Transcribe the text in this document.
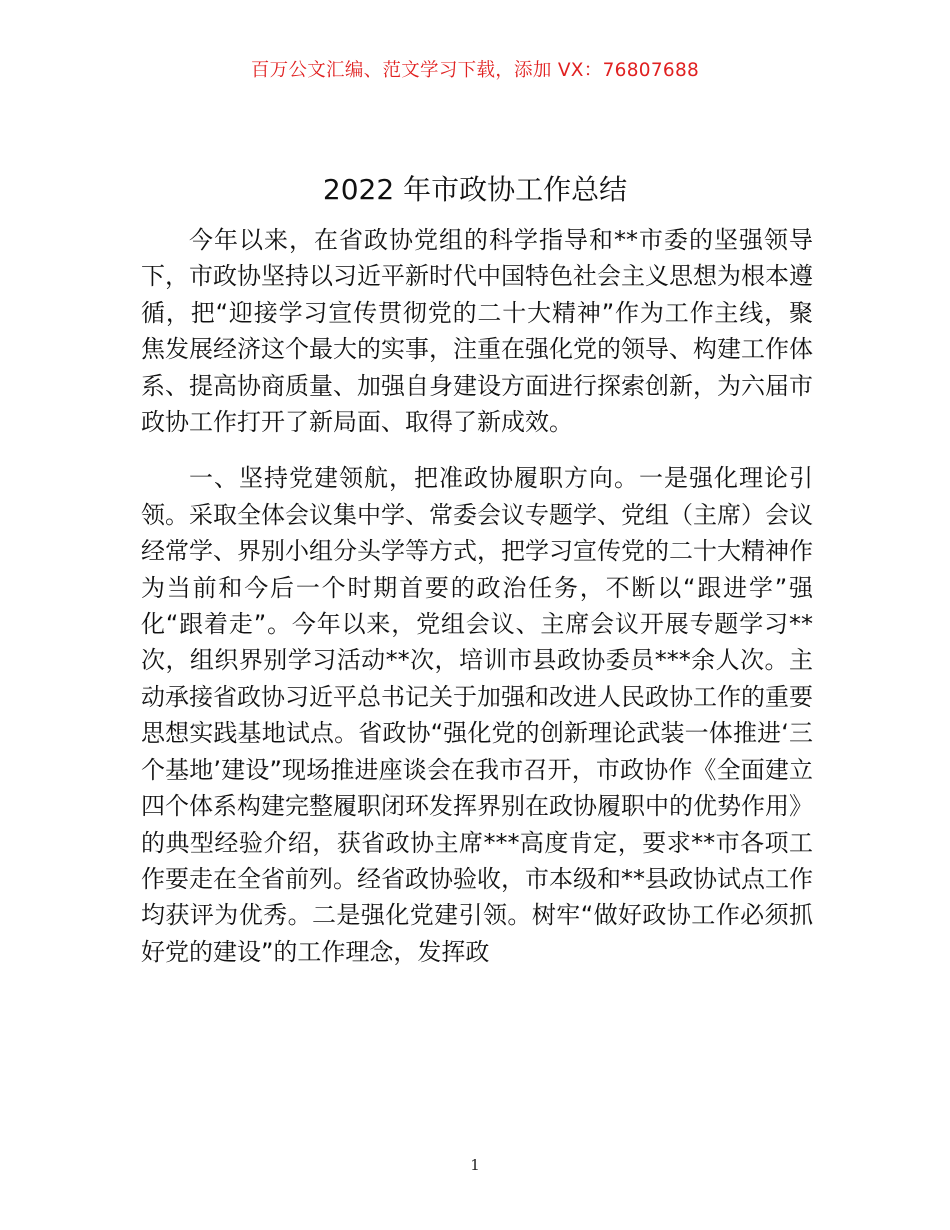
百万公文汇编、范文学习下载，添加 VX：76807688
2022 年市政协工作总结

今年以来，在省政协党组的科学指导和**市委的坚强领导下，市政协坚持以习近平新时代中国特色社会主义思想为根本遵循，把“迎接学习宣传贯彻党的二十大精神”作为工作主线，聚焦发展经济这个最大的实事，注重在强化党的领导、构建工作体系、提高协商质量、加强自身建设方面进行探索创新，为六届市政协工作打开了新局面、取得了新成效。

一、坚持党建领航，把准政协履职方向。一是强化理论引领。采取全体会议集中学、常委会议专题学、党组（主席）会议经常学、界别小组分头学等方式，把学习宣传党的二十大精神作为当前和今后一个时期首要的政治任务，不断以“跟进学”强化“跟着走”。今年以来，党组会议、主席会议开展专题学习**次，组织界别学习活动**次，培训市县政协委员***余人次。主动承接省政协习近平总书记关于加强和改进人民政协工作的重要思想实践基地试点。省政协“强化党的创新理论武装一体推进‘三个基地’建设”现场推进座谈会在我市召开，市政协作《全面建立四个体系构建完整履职闭环发挥界别在政协履职中的优势作用》的典型经验介绍，获省政协主席***高度肯定，要求**市各项工作要走在全省前列。经省政协验收，市本级和**县政协试点工作均获评为优秀。二是强化党建引领。树牢“做好政协工作必须抓好党的建设”的工作理念，发挥政

1
